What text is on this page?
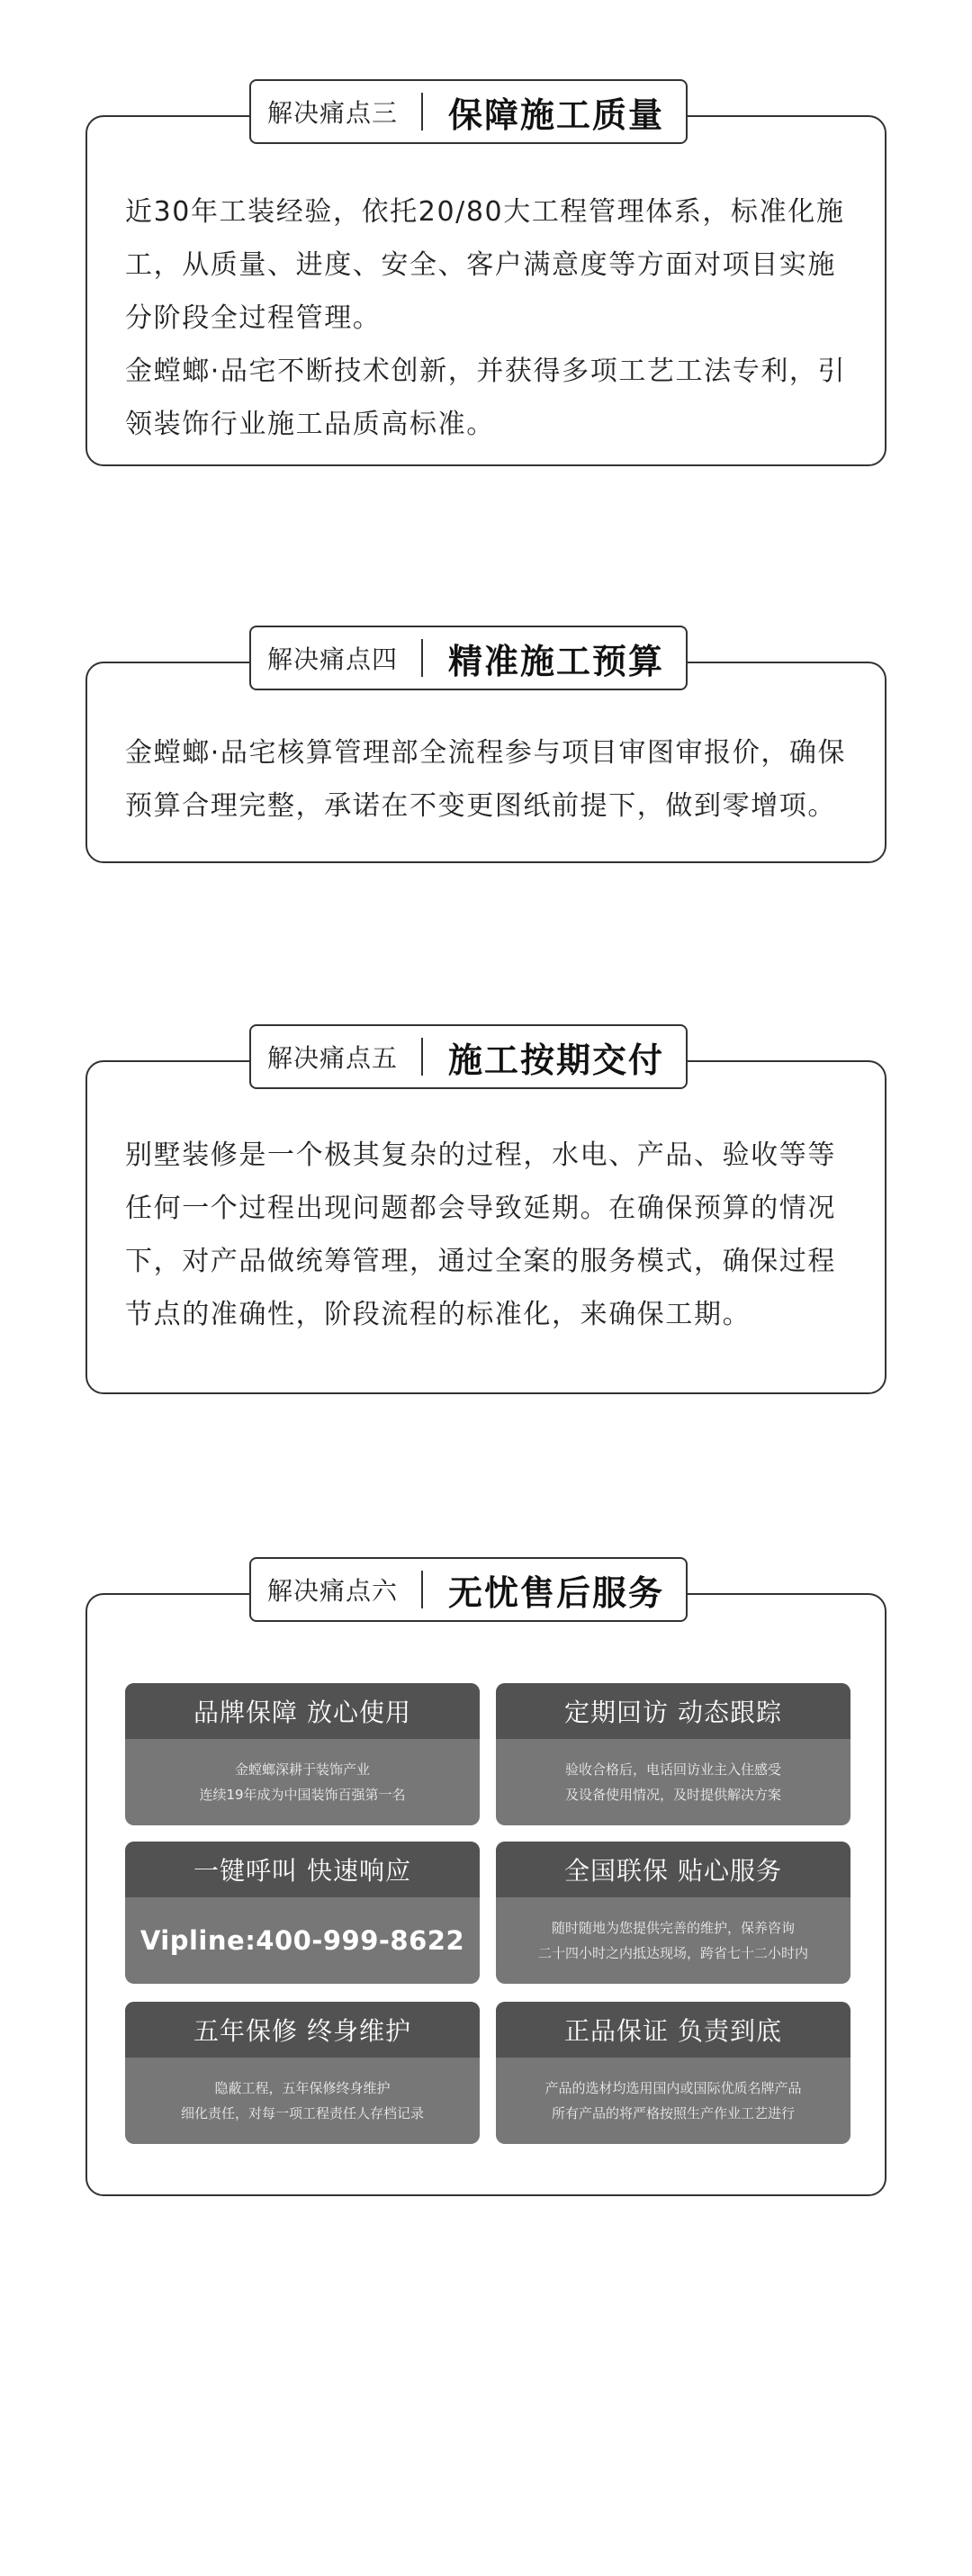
解决痛点三 保障施工质量

近30年工装经验，依托20/80大工程管理体系，标准化施工，从质量、进度、安全、客户满意度等方面对项目实施分阶段全过程管理。

金螳螂·品宅不断技术创新，并获得多项工艺工法专利，引领装饰行业施工品质高标准。

解决痛点四 精准施工预算

金螳螂·品宅核算管理部全流程参与项目审图审报价，确保预算合理完整，承诺在不变更图纸前提下，做到零增项。

解决痛点五 施工按期交付

别墅装修是一个极其复杂的过程，水电、产品、验收等等任何一个过程出现问题都会导致延期。在确保预算的情况下，对产品做统筹管理，通过全案的服务模式，确保过程节点的准确性，阶段流程的标准化，来确保工期。

解决痛点六 无忧售后服务
品牌保障 放心使用
金螳螂深耕于装饰产业
连续19年成为中国装饰百强第一名
定期回访 动态跟踪
验收合格后，电话回访业主入住感受
及设备使用情况，及时提供解决方案
一键呼叫 快速响应
Vipline:400-999-8622
全国联保 贴心服务
随时随地为您提供完善的维护，保养咨询
二十四小时之内抵达现场，跨省七十二小时内
五年保修 终身维护
隐蔽工程，五年保修终身维护
细化责任，对每一项工程责任人存档记录
正品保证 负责到底
产品的选材均选用国内或国际优质名牌产品
所有产品的将严格按照生产作业工艺进行
